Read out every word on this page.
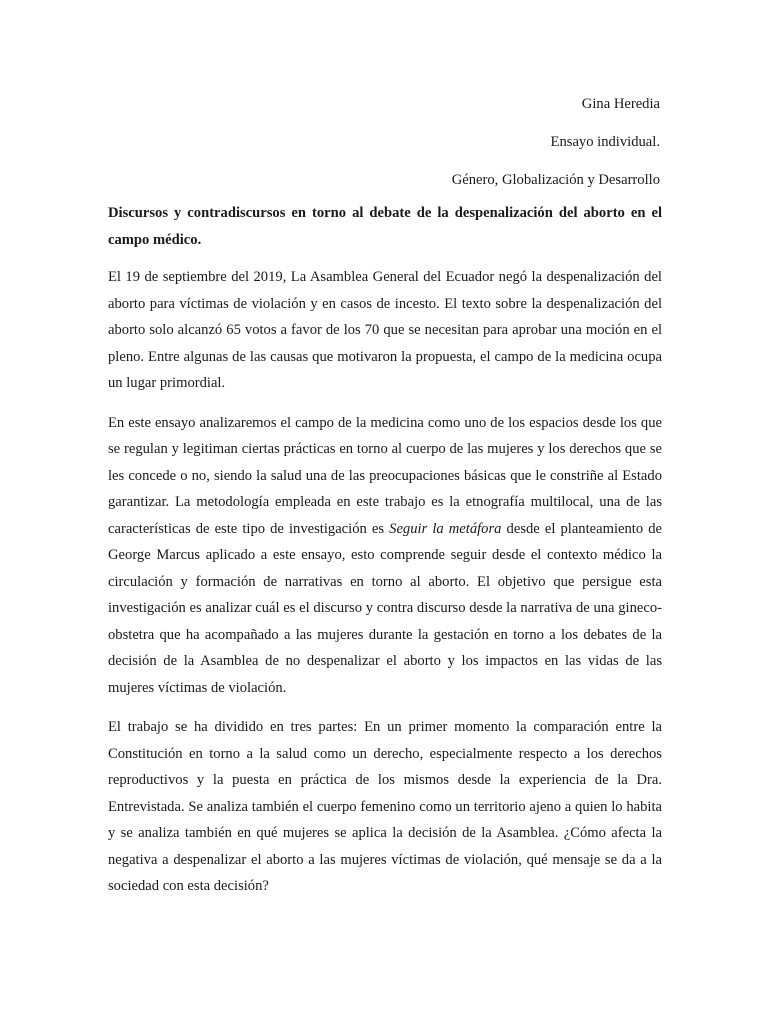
Gina Heredia
Ensayo individual.
Género, Globalización y Desarrollo

Discursos y contradiscursos en torno al debate de la despenalización del aborto en el campo médico.

El 19 de septiembre del 2019, La Asamblea General del Ecuador negó la despenalización del aborto para víctimas de violación y en casos de incesto. El texto sobre la despenalización del aborto solo alcanzó 65 votos a favor de los 70 que se necesitan para aprobar una moción en el pleno. Entre algunas de las causas que motivaron la propuesta, el campo de la medicina ocupa un lugar primordial.

En este ensayo analizaremos el campo de la medicina como uno de los espacios desde los que se regulan y legitiman ciertas prácticas en torno al cuerpo de las mujeres y los derechos que se les concede o no, siendo la salud una de las preocupaciones básicas que le constriñe al Estado garantizar. La metodología empleada en este trabajo es la etnografía multilocal, una de las características de este tipo de investigación es Seguir la metáfora desde el planteamiento de George Marcus aplicado a este ensayo, esto comprende seguir desde el contexto médico la circulación y formación de narrativas en torno al aborto. El objetivo que persigue esta investigación es analizar cuál es el discurso y contra discurso desde la narrativa de una gineco-obstetra que ha acompañado a las mujeres durante la gestación en torno a los debates de la decisión de la Asamblea de no despenalizar el aborto y los impactos en las vidas de las mujeres víctimas de violación.

El trabajo se ha dividido en tres partes: En un primer momento la comparación entre la Constitución en torno a la salud como un derecho, especialmente respecto a los derechos reproductivos y la puesta en práctica de los mismos desde la experiencia de la Dra. Entrevistada. Se analiza también el cuerpo femenino como un territorio ajeno a quien lo habita y se analiza también en qué mujeres se aplica la decisión de la Asamblea. ¿Cómo afecta la negativa a despenalizar el aborto a las mujeres víctimas de violación, qué mensaje se da a la sociedad con esta decisión?
